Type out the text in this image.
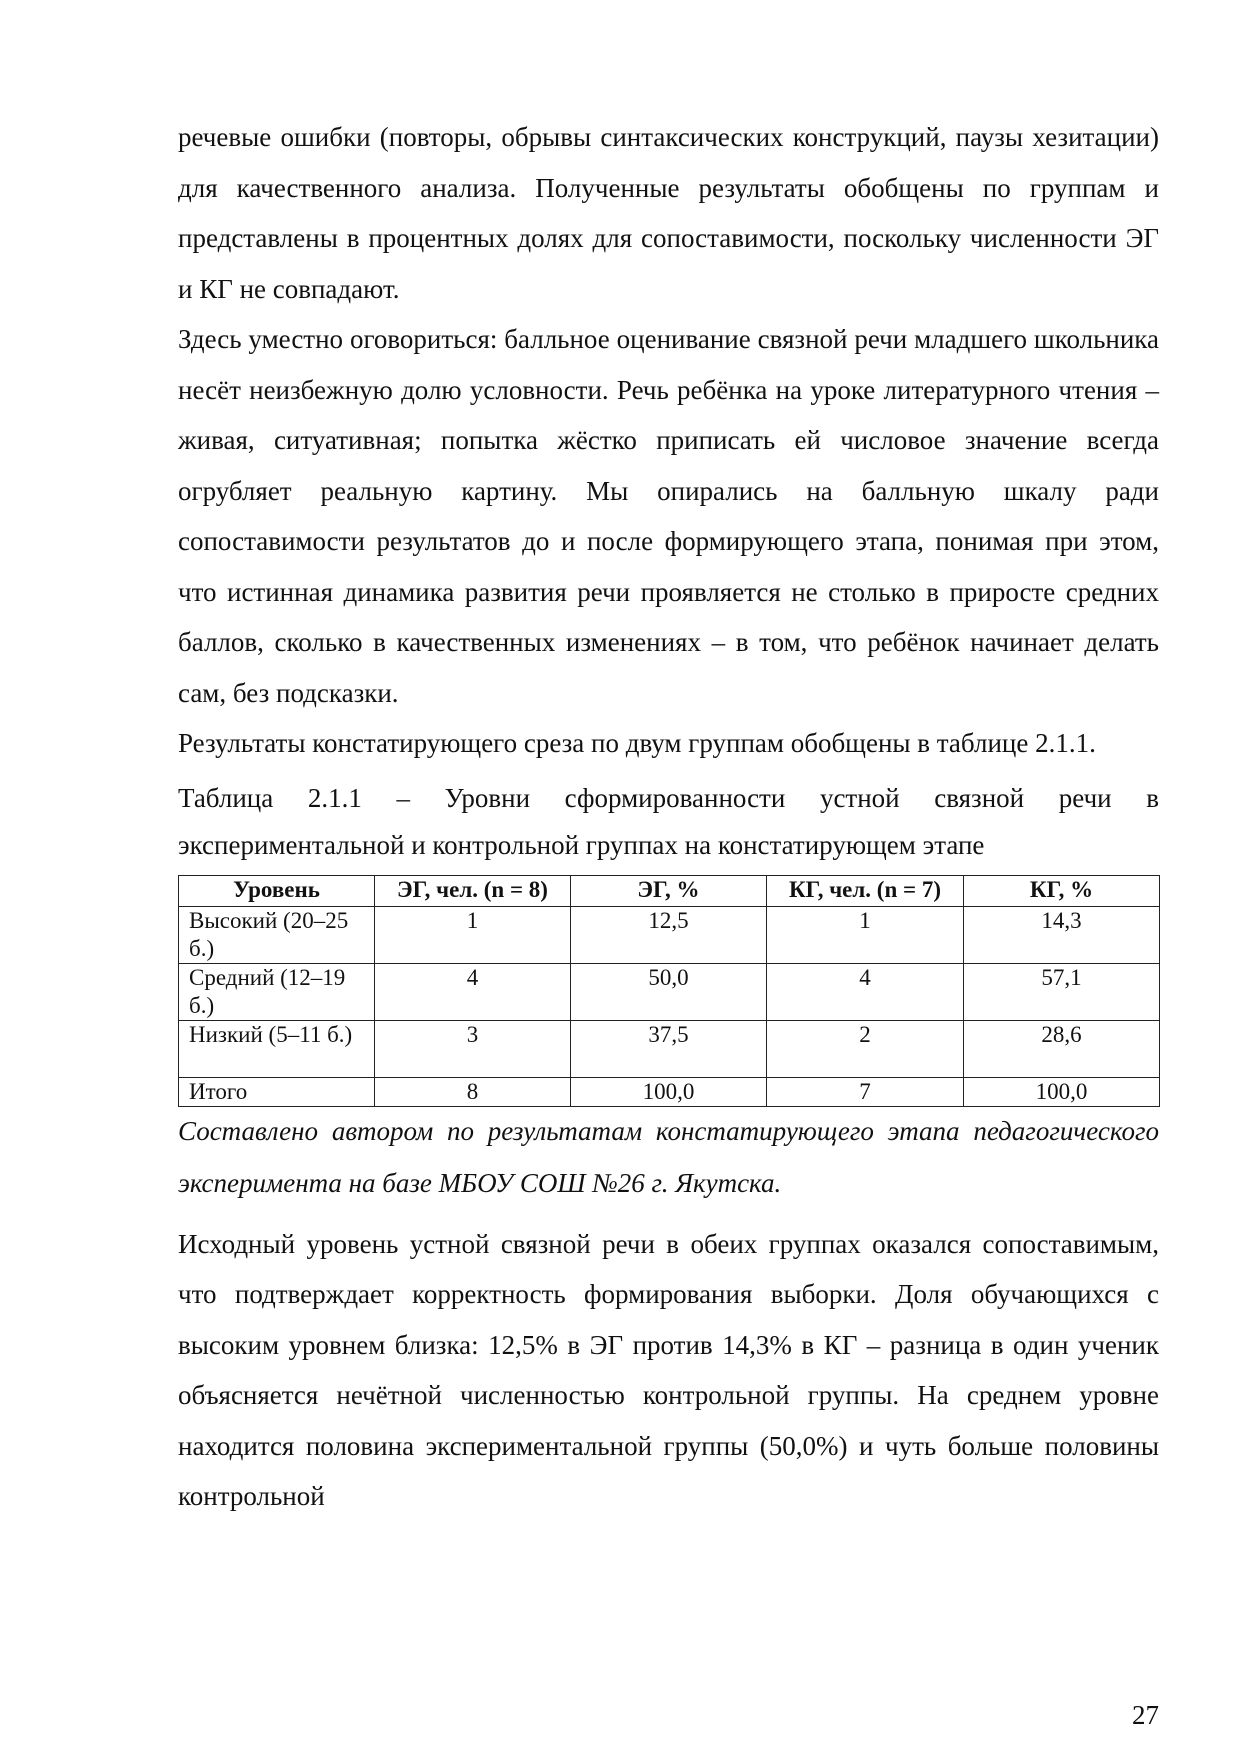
речевые ошибки (повторы, обрывы синтаксических конструкций, паузы хезитации) для качественного анализа. Полученные результаты обобщены по группам и представлены в процентных долях для сопоставимости, поскольку численности ЭГ и КГ не совпадают.

Здесь уместно оговориться: балльное оценивание связной речи младшего школьника несёт неизбежную долю условности. Речь ребёнка на уроке литературного чтения – живая, ситуативная; попытка жёстко приписать ей числовое значение всегда огрубляет реальную картину. Мы опирались на балльную шкалу ради сопоставимости результатов до и после формирующего этапа, понимая при этом, что истинная динамика развития речи проявляется не столько в приросте средних баллов, сколько в качественных изменениях – в том, что ребёнок начинает делать сам, без подсказки.

Результаты констатирующего среза по двум группам обобщены в таблице 2.1.1.

Таблица 2.1.1 – Уровни сформированности устной связной речи в экспериментальной и контрольной группах на констатирующем этапе

Уровень	ЭГ, чел. (n = 8)	ЭГ, %	КГ, чел. (n = 7)	КГ, %
Высокий (20–25 б.)	1	12,5	1	14,3
Средний (12–19 б.)	4	50,0	4	57,1
Низкий (5–11 б.)	3	37,5	2	28,6
Итого	8	100,0	7	100,0

Составлено автором по результатам констатирующего этапа педагогического эксперимента на базе МБОУ СОШ №26 г. Якутска.

Исходный уровень устной связной речи в обеих группах оказался сопоставимым, что подтверждает корректность формирования выборки. Доля обучающихся с высоким уровнем близка: 12,5% в ЭГ против 14,3% в КГ – разница в один ученик объясняется нечётной численностью контрольной группы. На среднем уровне находится половина экспериментальной группы (50,0%) и чуть больше половины контрольной

27
